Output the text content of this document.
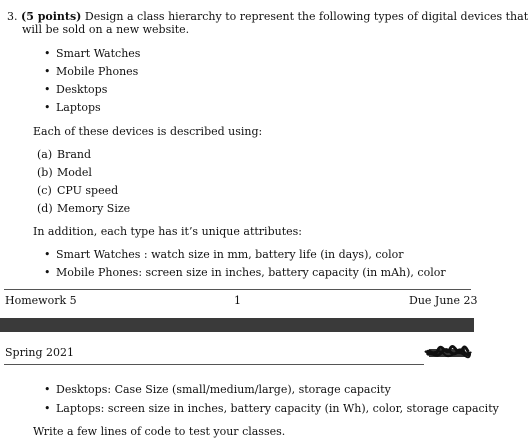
3. (5 points) Design a class hierarchy to represent the following types of digital devices that
will be sold on a new website.
• Smart Watches
• Mobile Phones
• Desktops
• Laptops
Each of these devices is described using:
(a) Brand
(b) Model
(c) CPU speed
(d) Memory Size
In addition, each type has it’s unique attributes:
• Smart Watches : watch size in mm, battery life (in days), color
• Mobile Phones: screen size in inches, battery capacity (in mAh), color
Homework 5	1	Due June 23
Spring 2021
• Desktops: Case Size (small/medium/large), storage capacity
• Laptops: screen size in inches, battery capacity (in Wh), color, storage capacity
Write a few lines of code to test your classes.
